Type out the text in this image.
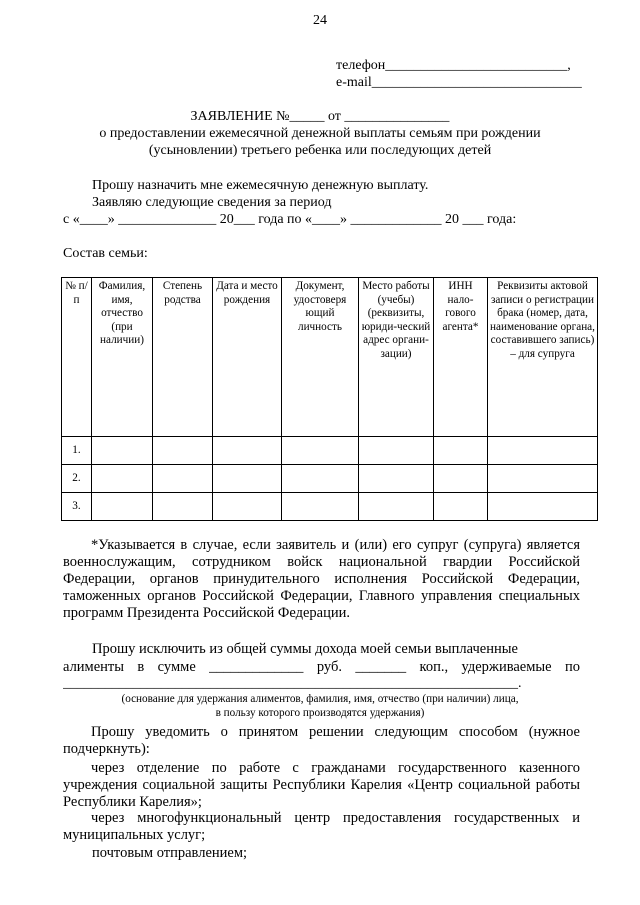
24
телефон__________________________,
e-mail______________________________
ЗАЯВЛЕНИЕ №_____ от _______________
о предоставлении ежемесячной денежной выплаты семьям при рождении
(усыновлении) третьего ребенка или последующих детей
Прошу назначить мне ежемесячную денежную выплату.
Заявляю следующие сведения за период
с «____» ______________ 20___ года по «____» _____________ 20 ___ года:
Состав семьи:
№ п/п	Фамилия, имя, отчество (при наличии)	Степень родства	Дата и место рождения	Документ, удостоверя ющий личность	Место работы (учебы) (реквизиты, юриди-ческий адрес органи-зации)	ИНН нало-гового агента*	Реквизиты актовой записи о регистрации брака (номер, дата, наименование органа, составившего запись) – для супруга
1.							
2.							
3.							
*Указывается в случае, если заявитель и (или) его супруг (супруга) является военнослужащим, сотрудником войск национальной гвардии Российской Федерации, органов принудительного исполнения Российской Федерации, таможенных органов Российской Федерации, Главного управления специальных программ Президента Российской Федерации.
Прошу исключить из общей суммы дохода моей семьи выплаченные
алименты в сумме _____________ руб. _______ коп., удерживаемые по
_________________________________________________________________.
(основание для удержания алиментов, фамилия, имя, отчество (при наличии) лица,
в пользу которого производятся удержания)
Прошу уведомить о принятом решении следующим способом (нужное подчеркнуть):
через отделение по работе с гражданами государственного казенного учреждения социальной защиты Республики Карелия «Центр социальной работы Республики Карелия»;
через многофункциональный центр предоставления государственных и муниципальных услуг;
почтовым отправлением;
